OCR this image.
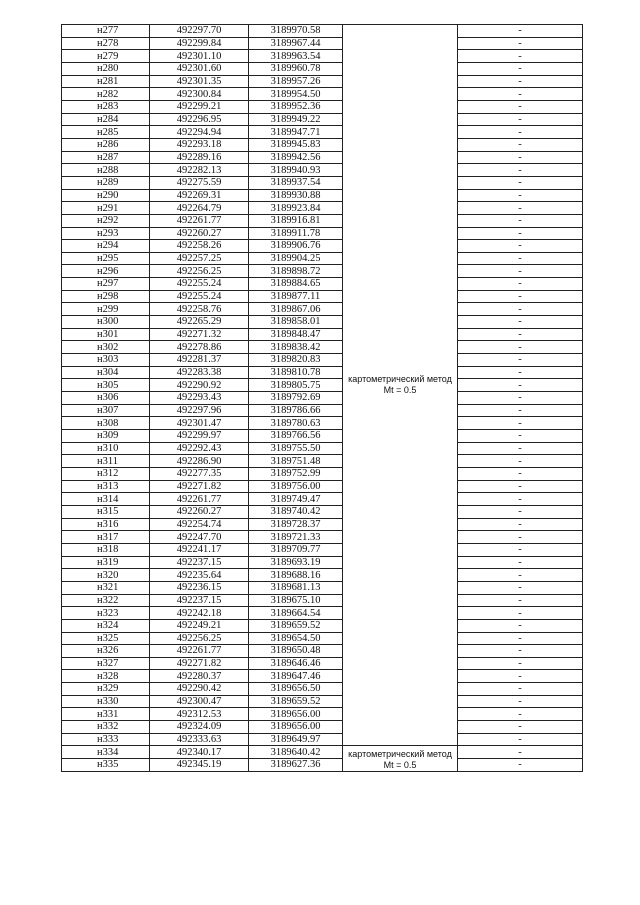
н277	492297.70	3189970.58	картометрический метод Mt = 0.5	-
н278	492299.84	3189967.44		-
н279	492301.10	3189963.54		-
н280	492301.60	3189960.78		-
н281	492301.35	3189957.26		-
н282	492300.84	3189954.50		-
н283	492299.21	3189952.36		-
н284	492296.95	3189949.22		-
н285	492294.94	3189947.71		-
н286	492293.18	3189945.83		-
н287	492289.16	3189942.56		-
н288	492282.13	3189940.93		-
н289	492275.59	3189937.54		-
н290	492269.31	3189930.88		-
н291	492264.79	3189923.84		-
н292	492261.77	3189916.81		-
н293	492260.27	3189911.78		-
н294	492258.26	3189906.76		-
н295	492257.25	3189904.25		-
н296	492256.25	3189898.72		-
н297	492255.24	3189884.65		-
н298	492255.24	3189877.11		-
н299	492258.76	3189867.06		-
н300	492265.29	3189858.01		-
н301	492271.32	3189848.47		-
н302	492278.86	3189838.42		-
н303	492281.37	3189820.83		-
н304	492283.38	3189810.78		-
н305	492290.92	3189805.75		-
н306	492293.43	3189792.69		-
н307	492297.96	3189786.66		-
н308	492301.47	3189780.63		-
н309	492299.97	3189766.56		-
н310	492292.43	3189755.50		-
н311	492286.90	3189751.48		-
н312	492277.35	3189752.99		-
н313	492271.82	3189756.00		-
н314	492261.77	3189749.47		-
н315	492260.27	3189740.42		-
н316	492254.74	3189728.37		-
н317	492247.70	3189721.33		-
н318	492241.17	3189709.77		-
н319	492237.15	3189693.19		-
н320	492235.64	3189688.16		-
н321	492236.15	3189681.13		-
н322	492237.15	3189675.10		-
н323	492242.18	3189664.54		-
н324	492249.21	3189659.52		-
н325	492256.25	3189654.50		-
н326	492261.77	3189650.48		-
н327	492271.82	3189646.46		-
н328	492280.37	3189647.46		-
н329	492290.42	3189656.50		-
н330	492300.47	3189659.52		-
н331	492312.53	3189656.00		-
н332	492324.09	3189656.00		-
н333	492333.63	3189649.97		-
н334	492340.17	3189640.42	картометрический метод Mt = 0.5	-
н335	492345.19	3189627.36		-
